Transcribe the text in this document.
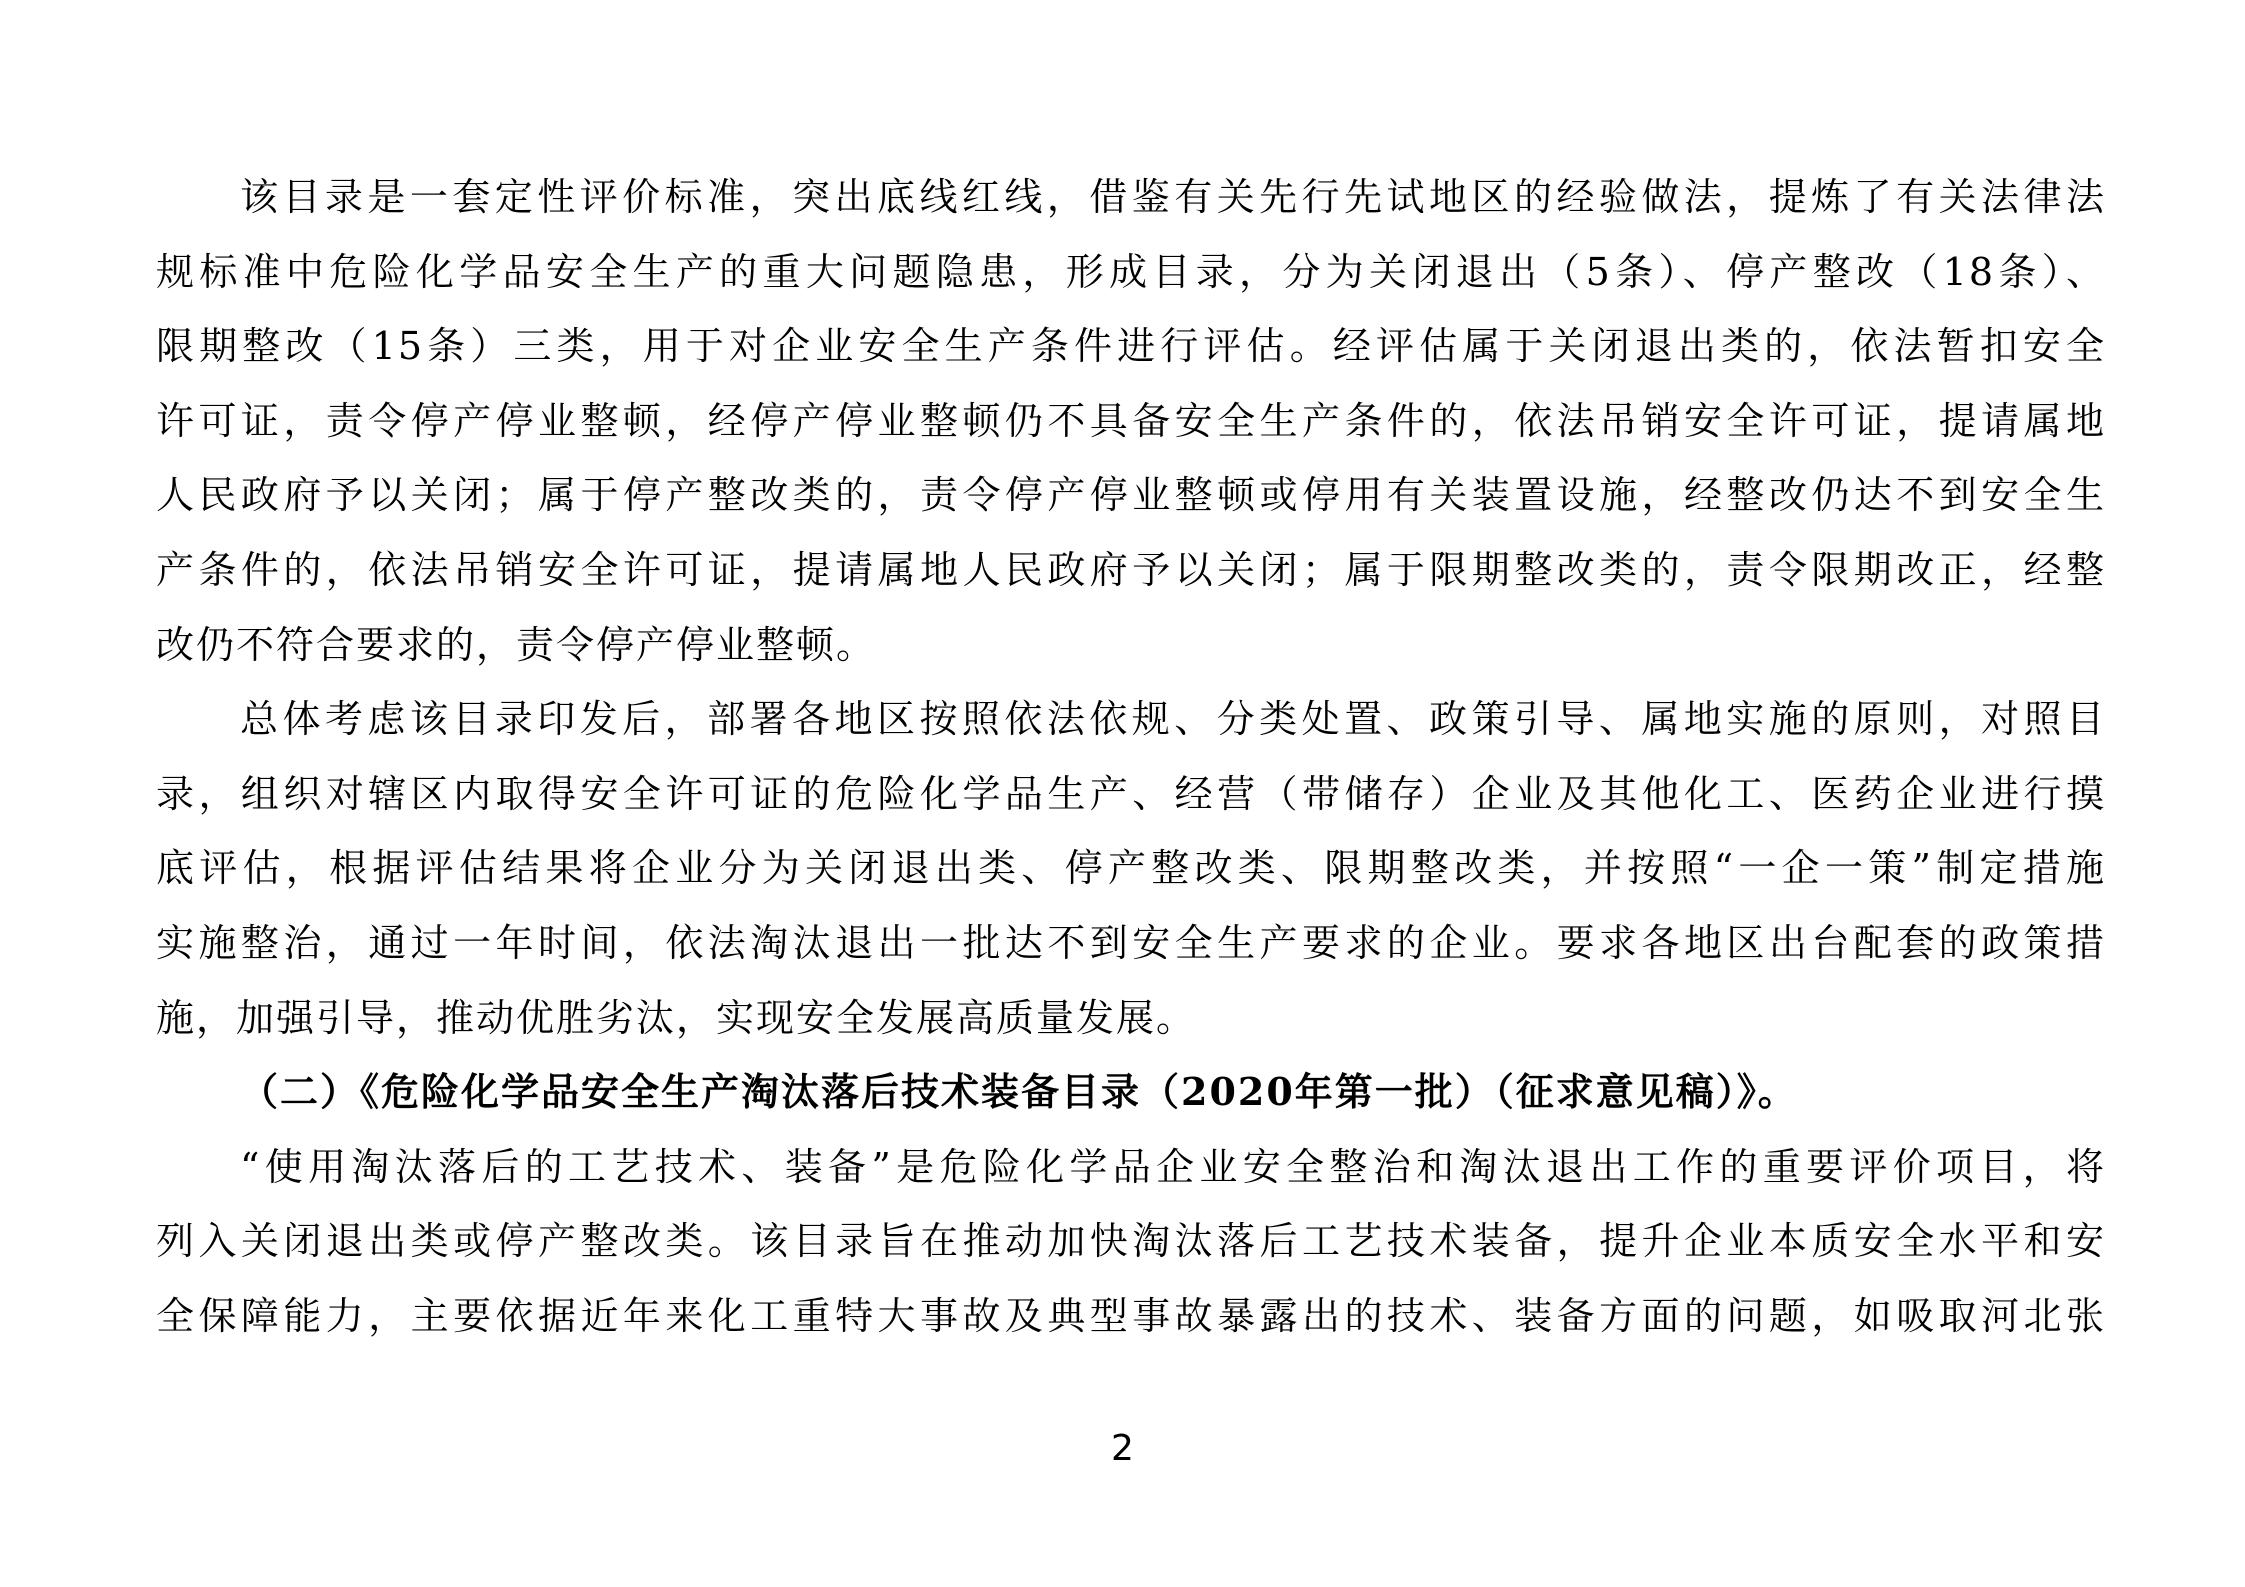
该目录是一套定性评价标准，突出底线红线，借鉴有关先行先试地区的经验做法，提炼了有关法律法
规标准中危险化学品安全生产的重大问题隐患，形成目录，分为关闭退出（5条）、停产整改（18条）、
限期整改（15条）三类，用于对企业安全生产条件进行评估。经评估属于关闭退出类的，依法暂扣安全
许可证，责令停产停业整顿，经停产停业整顿仍不具备安全生产条件的，依法吊销安全许可证，提请属地
人民政府予以关闭；属于停产整改类的，责令停产停业整顿或停用有关装置设施，经整改仍达不到安全生
产条件的，依法吊销安全许可证，提请属地人民政府予以关闭；属于限期整改类的，责令限期改正，经整
改仍不符合要求的，责令停产停业整顿。
总体考虑该目录印发后，部署各地区按照依法依规、分类处置、政策引导、属地实施的原则，对照目
录，组织对辖区内取得安全许可证的危险化学品生产、经营（带储存）企业及其他化工、医药企业进行摸
底评估，根据评估结果将企业分为关闭退出类、停产整改类、限期整改类，并按照“一企一策”制定措施
实施整治，通过一年时间，依法淘汰退出一批达不到安全生产要求的企业。要求各地区出台配套的政策措
施，加强引导，推动优胜劣汰，实现安全发展高质量发展。
（二）《危险化学品安全生产淘汰落后技术装备目录（2020年第一批）（征求意见稿）》。
“使用淘汰落后的工艺技术、装备”是危险化学品企业安全整治和淘汰退出工作的重要评价项目，将
列入关闭退出类或停产整改类。该目录旨在推动加快淘汰落后工艺技术装备，提升企业本质安全水平和安
全保障能力，主要依据近年来化工重特大事故及典型事故暴露出的技术、装备方面的问题，如吸取河北张
2
